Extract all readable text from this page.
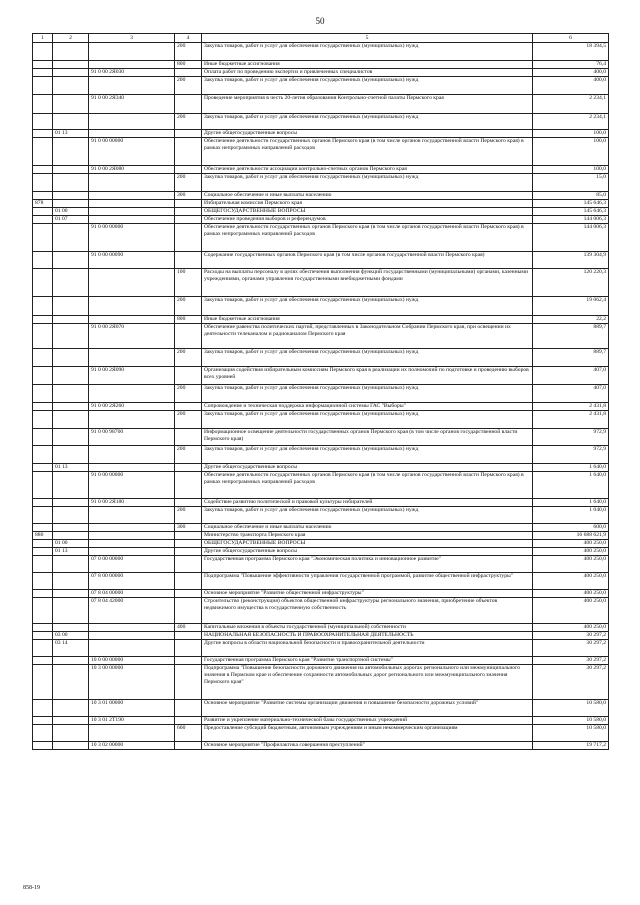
50
1	2	3	4	5	6
			200	Закупка товаров, работ и услуг для обеспечения государственных (муниципальных) нужд	18 394,5
			800	Иные бюджетные ассигнования	76,4
		91 0 00 2Я030		Оплата работ по проведению экспертиз и привлеченных специалистов	400,0
			200	Закупка товаров, работ и услуг для обеспечения государственных (муниципальных) нужд	400,0
		91 0 00 2Я340		Проведение мероприятия в честь 20-летия образования Контрольно-счетной палаты Пермского края	2 234,1
			200	Закупка товаров, работ и услуг для обеспечения государственных (муниципальных) нужд	2 234,1
	01 13			Другие общегосударственные вопросы	100,0
		91 0 00 00000		Обеспечение деятельности государственных органов Пермского края (в том числе органов государственной власти Пермского края) в рамках непрограммных направлений расходов	100,0
		91 0 00 2Я080		Обеспечение деятельности ассоциации контрольно-счетных органов Пермского края	100,0
			200	Закупка товаров, работ и услуг для обеспечения государственных (муниципальных) нужд	15,0
			300	Социальное обеспечение и иные выплаты населению	85,0
878				Избирательная комиссия Пермского края	145 646,3
	01 00			ОБЩЕГОСУДАРСТВЕННЫЕ ВОПРОСЫ	145 646,3
	01 07			Обеспечение проведения выборов и референдумов	144 006,3
		91 0 00 00000		Обеспечение деятельности государственных органов Пермского края (в том числе органов государственной власти Пермского края) в рамках непрограммных направлений расходов	144 006,3
		91 0 00 00090		Содержание государственных органов Пермского края (в том числе органов государственной власти Пермского края)	139 304,9
			100	Расходы на выплаты персоналу в целях обеспечения выполнения функций государственными (муниципальными) органами, казенными учреждениями, органами управления государственными внебюджетными фондами	120 220,3
			200	Закупка товаров, работ и услуг для обеспечения государственных (муниципальных) нужд	19 062,4
			800	Иные бюджетные ассигнования	22,2
		91 0 00 2Я070		Обеспечение равенства политических партий, представленных в Законодательном Собрании Пермского края, при освещении их деятельности телеканалом и радиоканалом Пермского края	889,7
			200	Закупка товаров, работ и услуг для обеспечения государственных (муниципальных) нужд	889,7
		91 0 00 2Я090		Организация содействия избирательным комиссиям Пермского края в реализации их полномочий по подготовке и проведению выборов всех уровней	407,0
			200	Закупка товаров, работ и услуг для обеспечения государственных (муниципальных) нужд	407,0
		91 0 00 2Я260		Сопровождение и техническая поддержка информационной системы ГАС "Выборы"	2 431,8
			200	Закупка товаров, работ и услуг для обеспечения государственных (муниципальных) нужд	2 431,8
		91 0 00 98700		Информационное освещение деятельности государственных органов Пермского края (в том числе органов государственной власти Пермского края)	972,9
			200	Закупка товаров, работ и услуг для обеспечения государственных (муниципальных) нужд	972,9
	01 13			Другие общегосударственные вопросы	1 640,0
		91 0 00 00000		Обеспечение деятельности государственных органов Пермского края (в том числе органов государственной власти Пермского края) в рамках непрограммных направлений расходов	1 640,0
		91 0 00 2Я180		Содействие развитию политической и правовой культуры избирателей	1 640,0
			200	Закупка товаров, работ и услуг для обеспечения государственных (муниципальных) нужд	1 040,0
			300	Социальное обеспечение и иные выплаты населению	600,0
880				Министерство транспорта Пермского края	16 688 621,9
	01 00			ОБЩЕГОСУДАРСТВЕННЫЕ ВОПРОСЫ	400 250,0
	01 13			Другие общегосударственные вопросы	400 250,0
		07 0 00 00000		Государственная программа Пермского края "Экономическая политика и инновационное развитие"	400 250,0
		07 8 00 00000		Подпрограмма "Повышение эффективности управления государственной программой, развитие общественной инфраструктуры"	400 250,0
		07 8 04 00000		Основное мероприятие "Развитие общественной инфраструктуры"	400 250,0
		07 8 04 42000		Строительство (реконструкция) объектов общественной инфраструктуры регионального значения, приобретение объектов недвижимого имущества в государственную собственность	400 250,0
			400	Капитальные вложения в объекты государственной (муниципальной) собственности	400 250,0
	03 00			НАЦИОНАЛЬНАЯ БЕЗОПАСНОСТЬ И ПРАВООХРАНИТЕЛЬНАЯ ДЕЯТЕЛЬНОСТЬ	30 297,2
	03 14			Другие вопросы в области национальной безопасности и правоохранительной деятельности	30 297,2
		10 0 00 00000		Государственная программа Пермского края "Развитие транспортной системы"	30 297,2
		10 3 00 00000		Подпрограмма "Повышение безопасности дорожного движения на автомобильных дорогах регионального или межмуниципального значения в Пермском крае и обеспечение сохранности автомобильных дорог регионального или межмуниципального значения Пермского края"	30 297,2
		10 3 01 00000		Основное мероприятие "Развитие системы организации движения и повышение безопасности дорожных условий"	10 580,0
		10 3 01 2Т190		Развитие и укрепление материально-технической базы государственных учреждений	10 580,0
			600	Предоставление субсидий бюджетным, автономным учреждениям и иным некоммерческим организациям	10 580,0
		10 3 02 00000		Основное мероприятие "Профилактика совершения преступлений"	19 717,2
858-19
